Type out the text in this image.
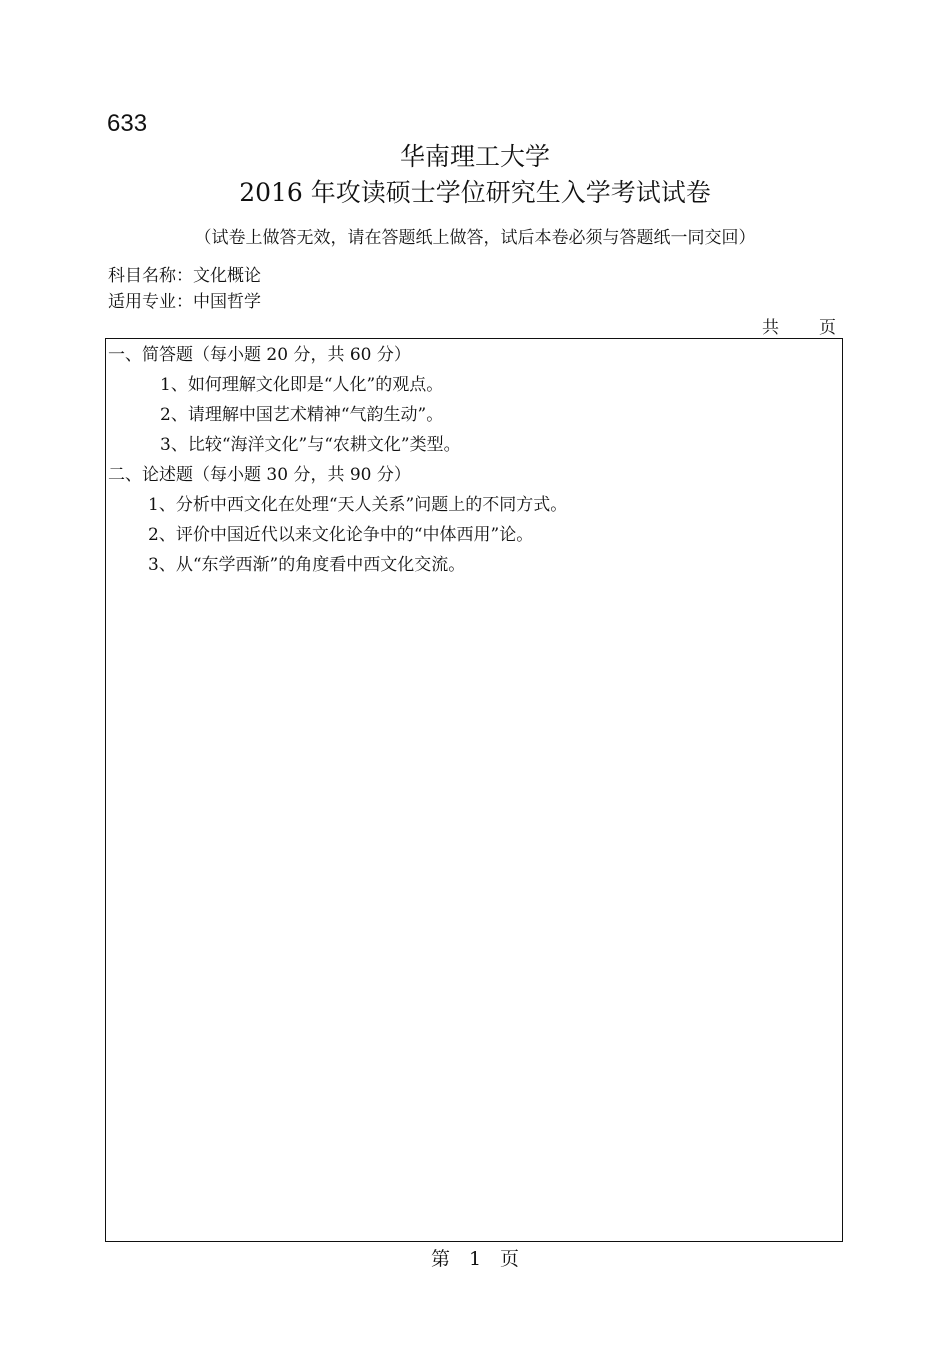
633
华南理工大学
2016 年攻读硕士学位研究生入学考试试卷
（试卷上做答无效，请在答题纸上做答，试后本卷必须与答题纸一同交回）
科目名称：文化概论
适用专业：中国哲学
共 页
一、简答题（每小题 20 分，共 60 分）
1、如何理解文化即是“人化”的观点。
2、请理解中国艺术精神“气韵生动”。
3、比较“海洋文化”与“农耕文化”类型。
二、论述题（每小题 30 分，共 90 分）
1、分析中西文化在处理“天人关系”问题上的不同方式。
2、评价中国近代以来文化论争中的“中体西用”论。
3、从“东学西渐”的角度看中西文化交流。
第　1　页
